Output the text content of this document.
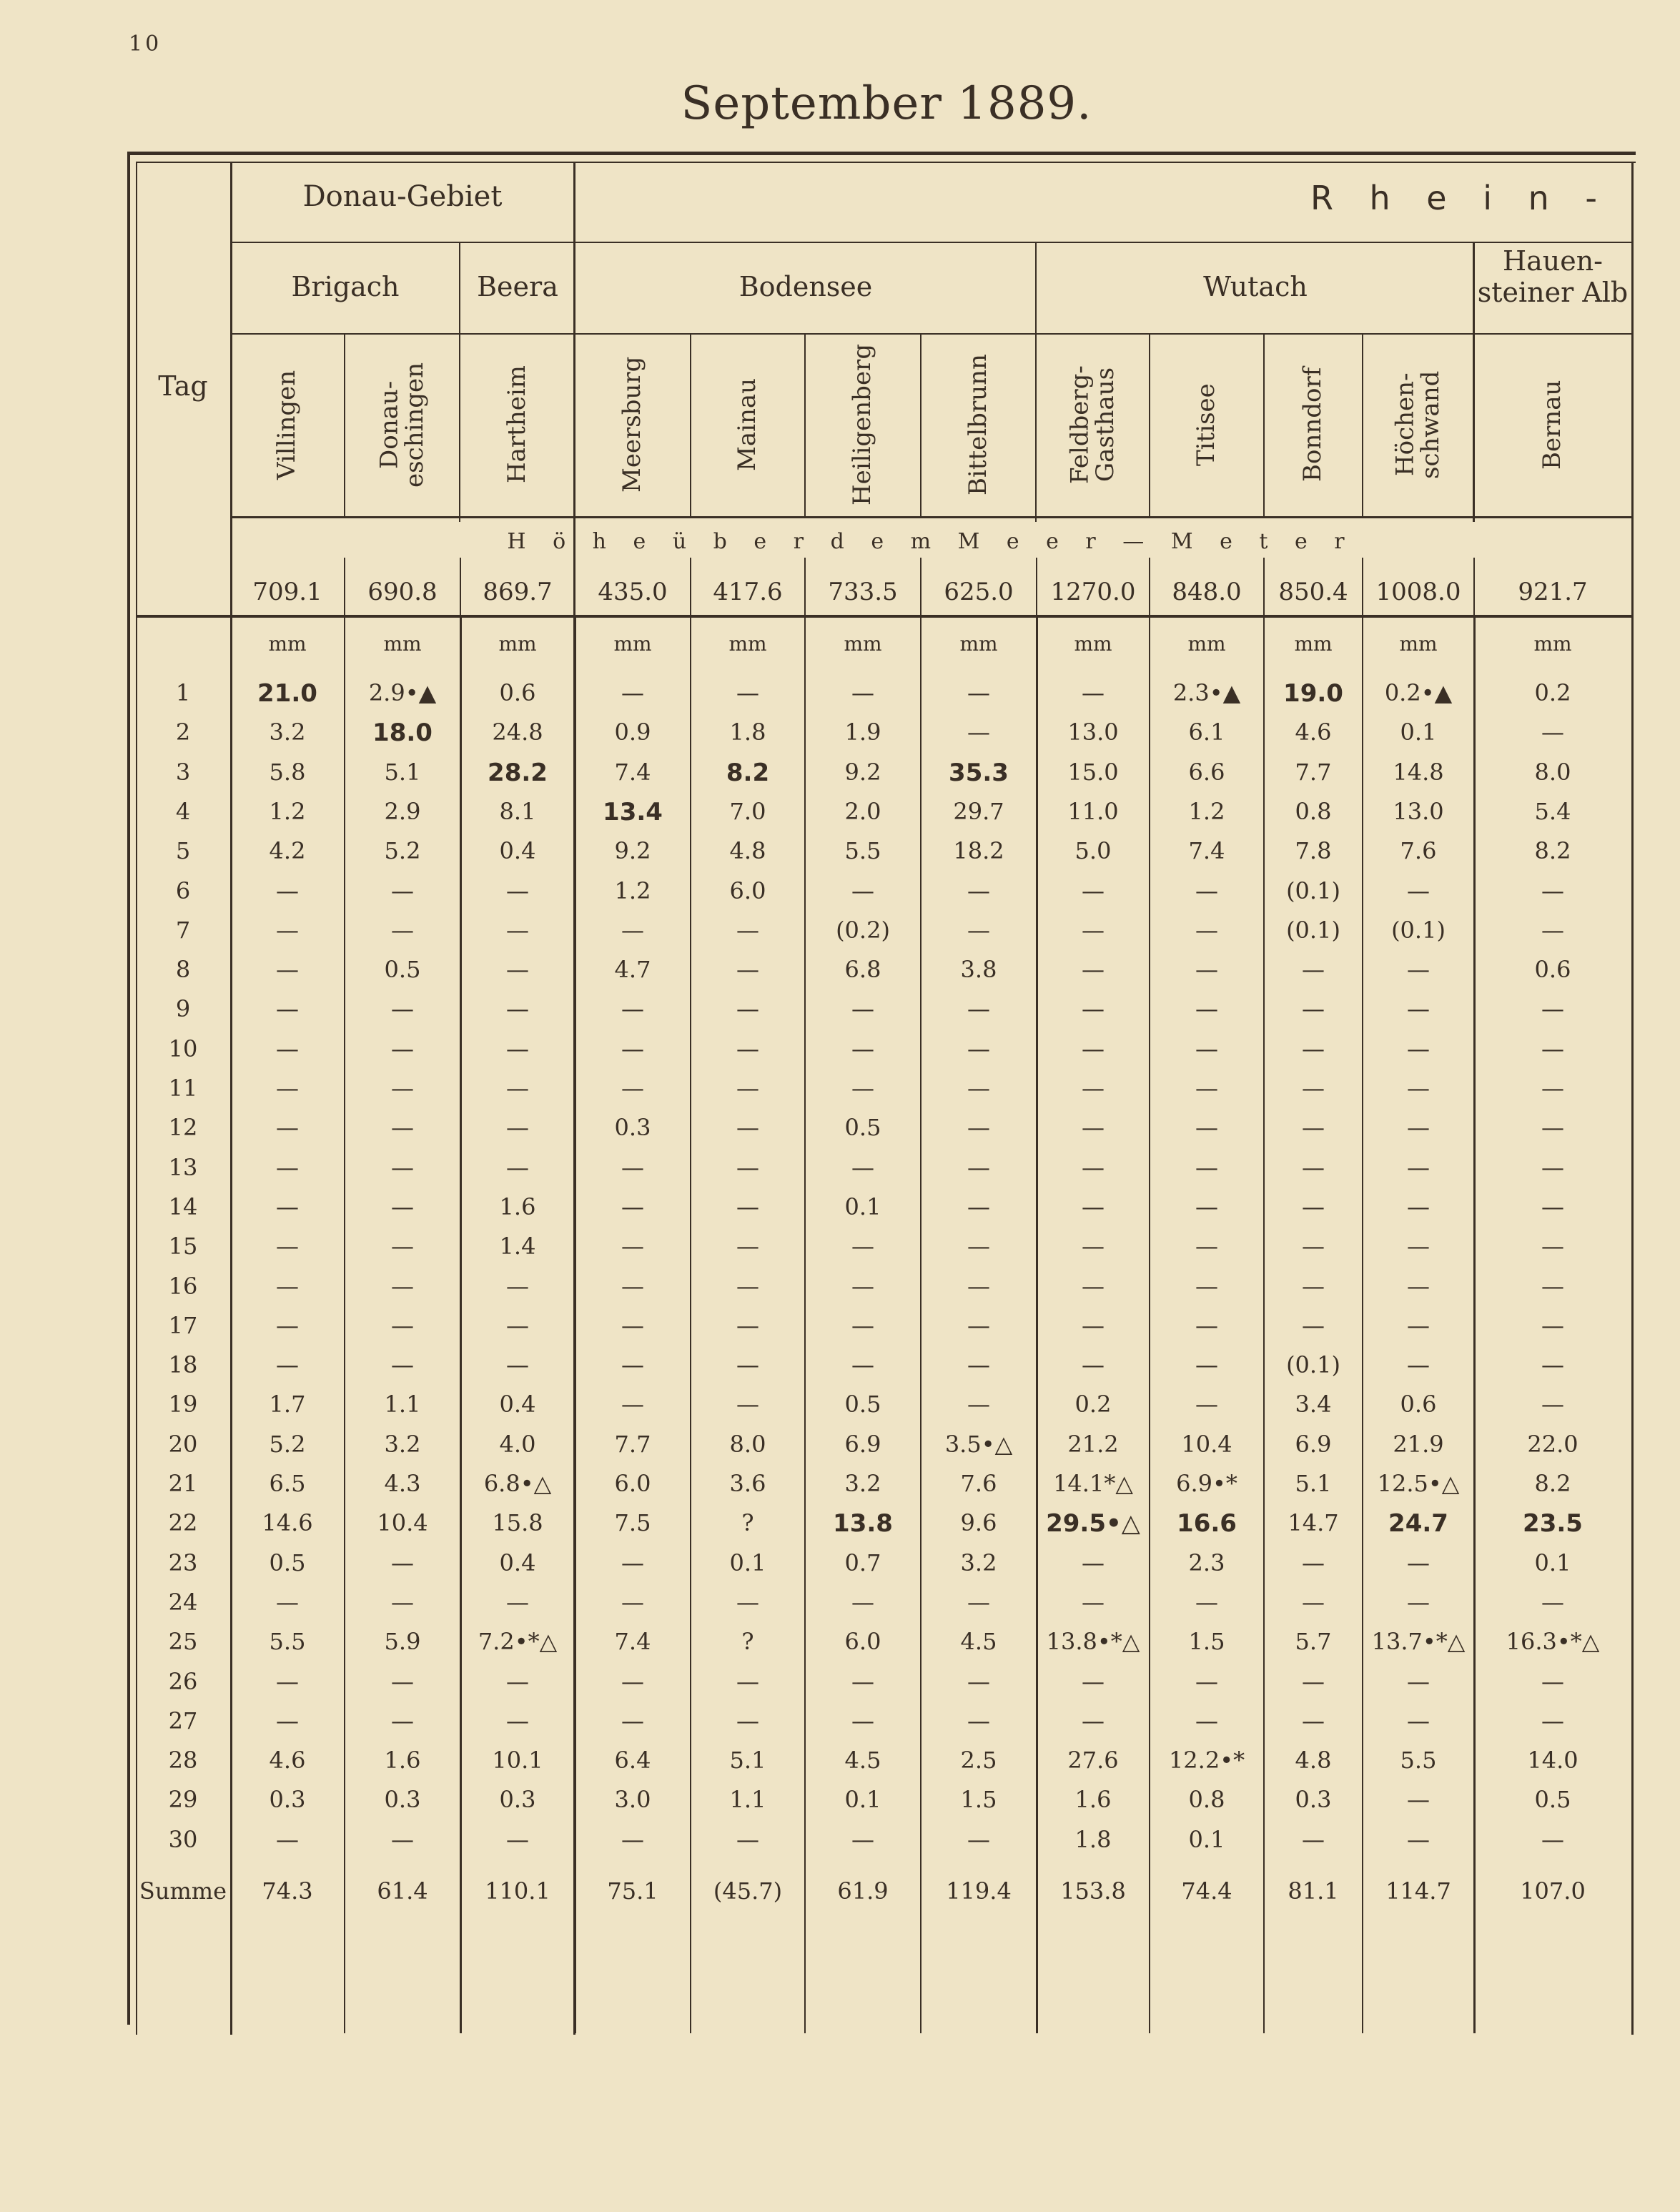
10
September 1889.
Donau-Gebiet	R h e i n -
Tag
Brigach	Beera	Bodensee	Wutach
Hauen-
steiner Alb
Villingen	Donau-
eschingen	Hartheim	Meersburg	Mainau	Heiligenberg	Bittelbrunn	Feldberg-
Gasthaus	Titisee	Bonndorf	Höchen-
schwand	Bernau
H ö h e ü b e r d e m M e e r — M e t e r
709.1	690.8	869.7	435.0	417.6	733.5	625.0	1270.0	848.0	850.4	1008.0	921.7
mm	mm	mm	mm	mm	mm	mm	mm	mm	mm	mm	mm
1	21.0	2.9•▲	0.6	—	—	—	—	—	2.3•▲	19.0	0.2•▲	0.2
2	3.2	18.0	24.8	0.9	1.8	1.9	—	13.0	6.1	4.6	0.1	—
3	5.8	5.1	28.2	7.4	8.2	9.2	35.3	15.0	6.6	7.7	14.8	8.0
4	1.2	2.9	8.1	13.4	7.0	2.0	29.7	11.0	1.2	0.8	13.0	5.4
5	4.2	5.2	0.4	9.2	4.8	5.5	18.2	5.0	7.4	7.8	7.6	8.2
6	—	—	—	1.2	6.0	—	—	—	—	(0.1)	—	—
7	—	—	—	—	—	(0.2)	—	—	—	(0.1)	(0.1)	—
8	—	0.5	—	4.7	—	6.8	3.8	—	—	—	—	0.6
9	—	—	—	—	—	—	—	—	—	—	—	—
10	—	—	—	—	—	—	—	—	—	—	—	—
11	—	—	—	—	—	—	—	—	—	—	—	—
12	—	—	—	0.3	—	0.5	—	—	—	—	—	—
13	—	—	—	—	—	—	—	—	—	—	—	—
14	—	—	1.6	—	—	0.1	—	—	—	—	—	—
15	—	—	1.4	—	—	—	—	—	—	—	—	—
16	—	—	—	—	—	—	—	—	—	—	—	—
17	—	—	—	—	—	—	—	—	—	—	—	—
18	—	—	—	—	—	—	—	—	—	(0.1)	—	—
19	1.7	1.1	0.4	—	—	0.5	—	0.2	—	3.4	0.6	—
20	5.2	3.2	4.0	7.7	8.0	6.9	3.5•△	21.2	10.4	6.9	21.9	22.0
21	6.5	4.3	6.8•△	6.0	3.6	3.2	7.6	14.1*△	6.9•*	5.1	12.5•△	8.2
22	14.6	10.4	15.8	7.5	?	13.8	9.6	29.5•△	16.6	14.7	24.7	23.5
23	0.5	—	0.4	—	0.1	0.7	3.2	—	2.3	—	—	0.1
24	—	—	—	—	—	—	—	—	—	—	—	—
25	5.5	5.9	7.2•*△	7.4	?	6.0	4.5	13.8•*△	1.5	5.7	13.7•*△	16.3•*△
26	—	—	—	—	—	—	—	—	—	—	—	—
27	—	—	—	—	—	—	—	—	—	—	—	—
28	4.6	1.6	10.1	6.4	5.1	4.5	2.5	27.6	12.2•*	4.8	5.5	14.0
29	0.3	0.3	0.3	3.0	1.1	0.1	1.5	1.6	0.8	0.3	—	0.5
30	—	—	—	—	—	—	—	1.8	0.1	—	—	—
Summe	74.3	61.4	110.1	75.1	(45.7)	61.9	119.4	153.8	74.4	81.1	114.7	107.0
